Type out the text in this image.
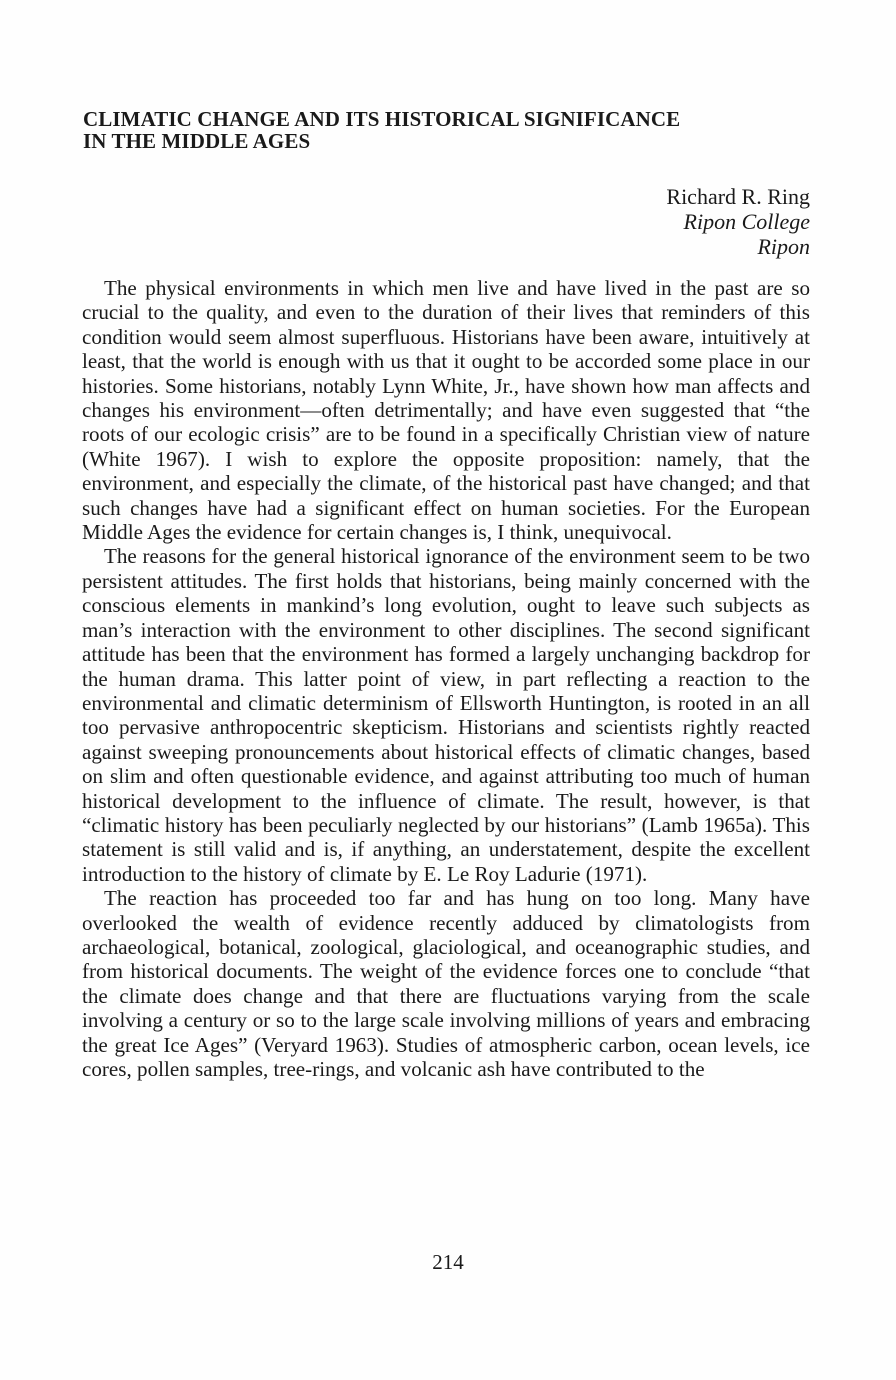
CLIMATIC CHANGE AND ITS HISTORICAL SIGNIFICANCE
IN THE MIDDLE AGES
Richard R. Ring
Ripon College
Ripon

The physical environments in which men live and have lived in the past are so crucial to the quality, and even to the duration of their lives that reminders of this condition would seem almost superfluous. Historians have been aware, intuitively at least, that the world is enough with us that it ought to be accorded some place in our histories. Some historians, notably Lynn White, Jr., have shown how man affects and changes his environment—often detrimentally; and have even suggested that “the roots of our ecologic crisis” are to be found in a specifically Christian view of nature (White 1967). I wish to explore the opposite proposition: namely, that the environment, and especially the climate, of the historical past have changed; and that such changes have had a significant effect on human societies. For the European Middle Ages the evidence for certain changes is, I think, unequivocal.

The reasons for the general historical ignorance of the environment seem to be two persistent attitudes. The first holds that historians, being mainly concerned with the conscious elements in mankind’s long evolution, ought to leave such subjects as man’s interaction with the environment to other disciplines. The second significant attitude has been that the environment has formed a largely unchanging backdrop for the human drama. This latter point of view, in part reflecting a reaction to the environmental and climatic determinism of Ellsworth Huntington, is rooted in an all too pervasive anthropocentric skepticism. Historians and scientists rightly reacted against sweeping pronouncements about historical effects of climatic changes, based on slim and often questionable evidence, and against attributing too much of human historical development to the influence of climate. The result, however, is that “climatic history has been peculiarly neglected by our historians” (Lamb 1965a). This statement is still valid and is, if anything, an understatement, despite the excellent introduction to the history of climate by E. Le Roy Ladurie (1971).

The reaction has proceeded too far and has hung on too long. Many have overlooked the wealth of evidence recently adduced by climatologists from archaeological, botanical, zoological, glaciological, and oceanographic studies, and from historical documents. The weight of the evidence forces one to conclude “that the climate does change and that there are fluctuations varying from the scale involving a century or so to the large scale involving millions of years and embracing the great Ice Ages” (Veryard 1963). Studies of atmospheric carbon, ocean levels, ice cores, pollen samples, tree-rings, and volcanic ash have contributed to the

214
